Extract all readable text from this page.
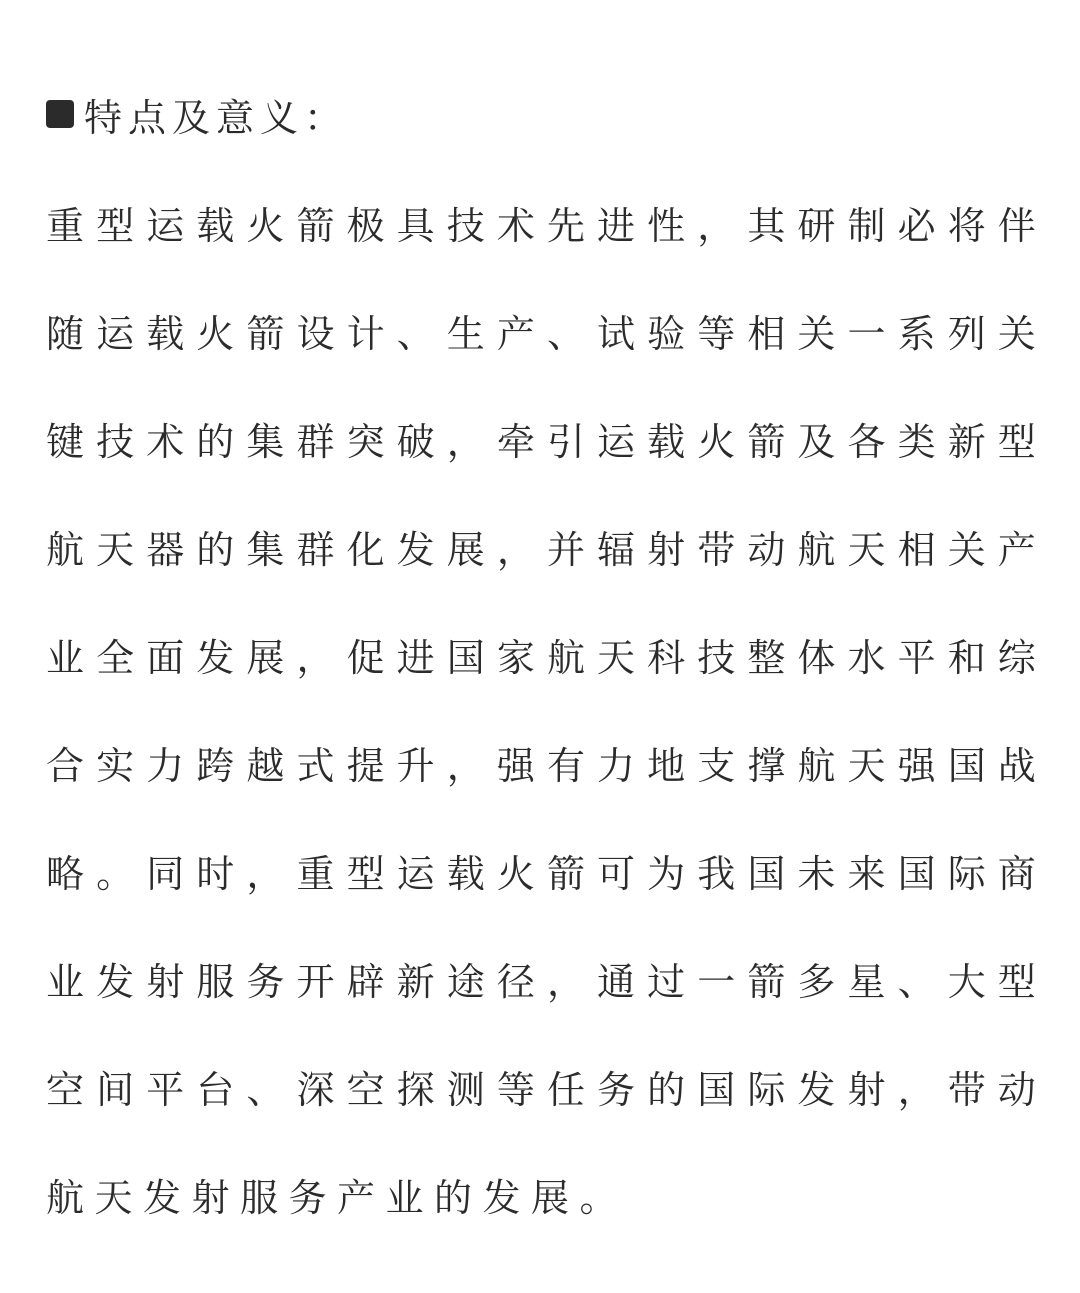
特点及意义：
重 型 运 载 火 箭 极 具 技 术 先 进 性 ， 其 研 制 必 将 伴
随 运 载 火 箭 设 计 、 生 产 、 试 验 等 相 关 一 系 列 关
键 技 术 的 集 群 突 破 ， 牵 引 运 载 火 箭 及 各 类 新 型
航 天 器 的 集 群 化 发 展 ， 并 辐 射 带 动 航 天 相 关 产
业 全 面 发 展 ， 促 进 国 家 航 天 科 技 整 体 水 平 和 综
合 实 力 跨 越 式 提 升 ， 强 有 力 地 支 撑 航 天 强 国 战
略 。 同 时 ， 重 型 运 载 火 箭 可 为 我 国 未 来 国 际 商
业 发 射 服 务 开 辟 新 途 径 ， 通 过 一 箭 多 星 、 大 型
空 间 平 台 、 深 空 探 测 等 任 务 的 国 际 发 射 ， 带 动
航天发射服务产业的发展。
